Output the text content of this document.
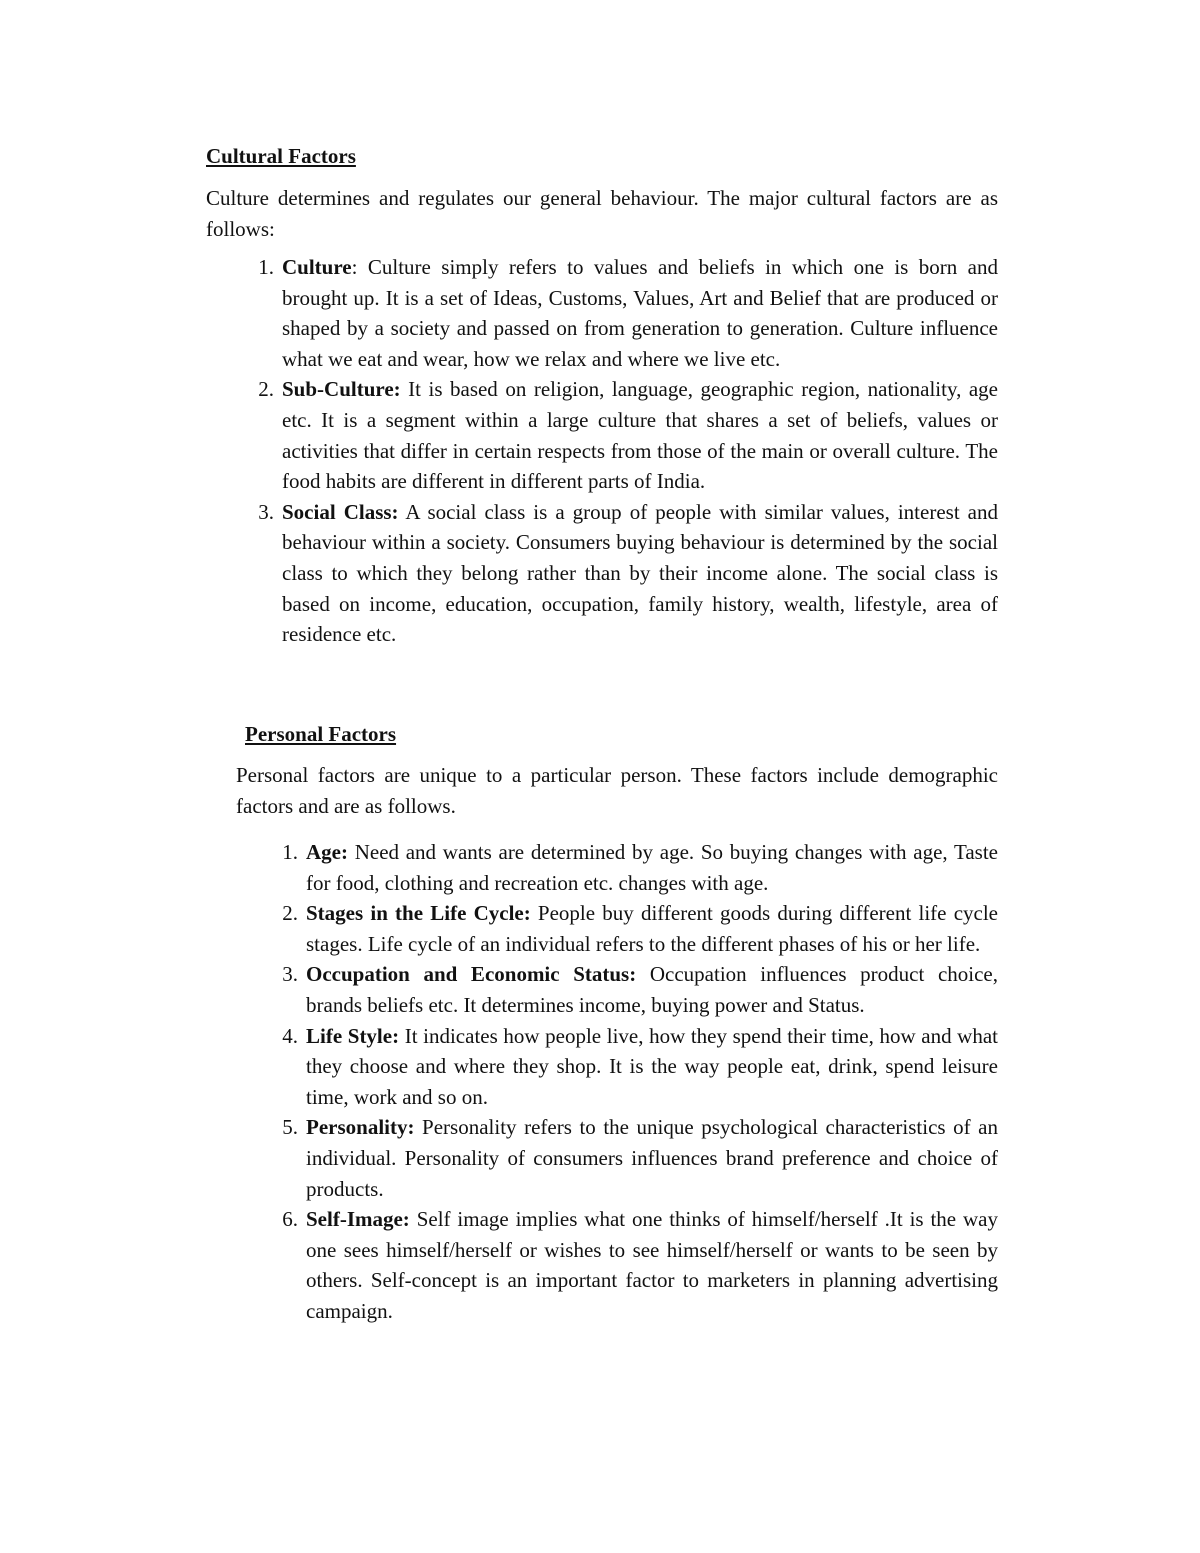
Cultural Factors

Culture determines and regulates our general behaviour. The major cultural factors are as follows:

1. Culture: Culture simply refers to values and beliefs in which one is born and brought up. It is a set of Ideas, Customs, Values, Art and Belief that are produced or shaped by a society and passed on from generation to generation. Culture influence what we eat and wear, how we relax and where we live etc.
2. Sub-Culture: It is based on religion, language, geographic region, nationality, age etc. It is a segment within a large culture that shares a set of beliefs, values or activities that differ in certain respects from those of the main or overall culture. The food habits are different in different parts of India.
3. Social Class: A social class is a group of people with similar values, interest and behaviour within a society. Consumers buying behaviour is determined by the social class to which they belong rather than by their income alone. The social class is based on income, education, occupation, family history, wealth, lifestyle, area of residence etc.
Personal Factors

Personal factors are unique to a particular person. These factors include demographic factors and are as follows.

1. Age: Need and wants are determined by age. So buying changes with age, Taste for food, clothing and recreation etc. changes with age.
2. Stages in the Life Cycle: People buy different goods during different life cycle stages. Life cycle of an individual refers to the different phases of his or her life.
3. Occupation and Economic Status: Occupation influences product choice, brands beliefs etc. It determines income, buying power and Status.
4. Life Style: It indicates how people live, how they spend their time, how and what they choose and where they shop. It is the way people eat, drink, spend leisure time, work and so on.
5. Personality: Personality refers to the unique psychological characteristics of an individual. Personality of consumers influences brand preference and choice of products.
6. Self-Image: Self image implies what one thinks of himself/herself .It is the way one sees himself/herself or wishes to see himself/herself or wants to be seen by others. Self-concept is an important factor to marketers in planning advertising campaign.
